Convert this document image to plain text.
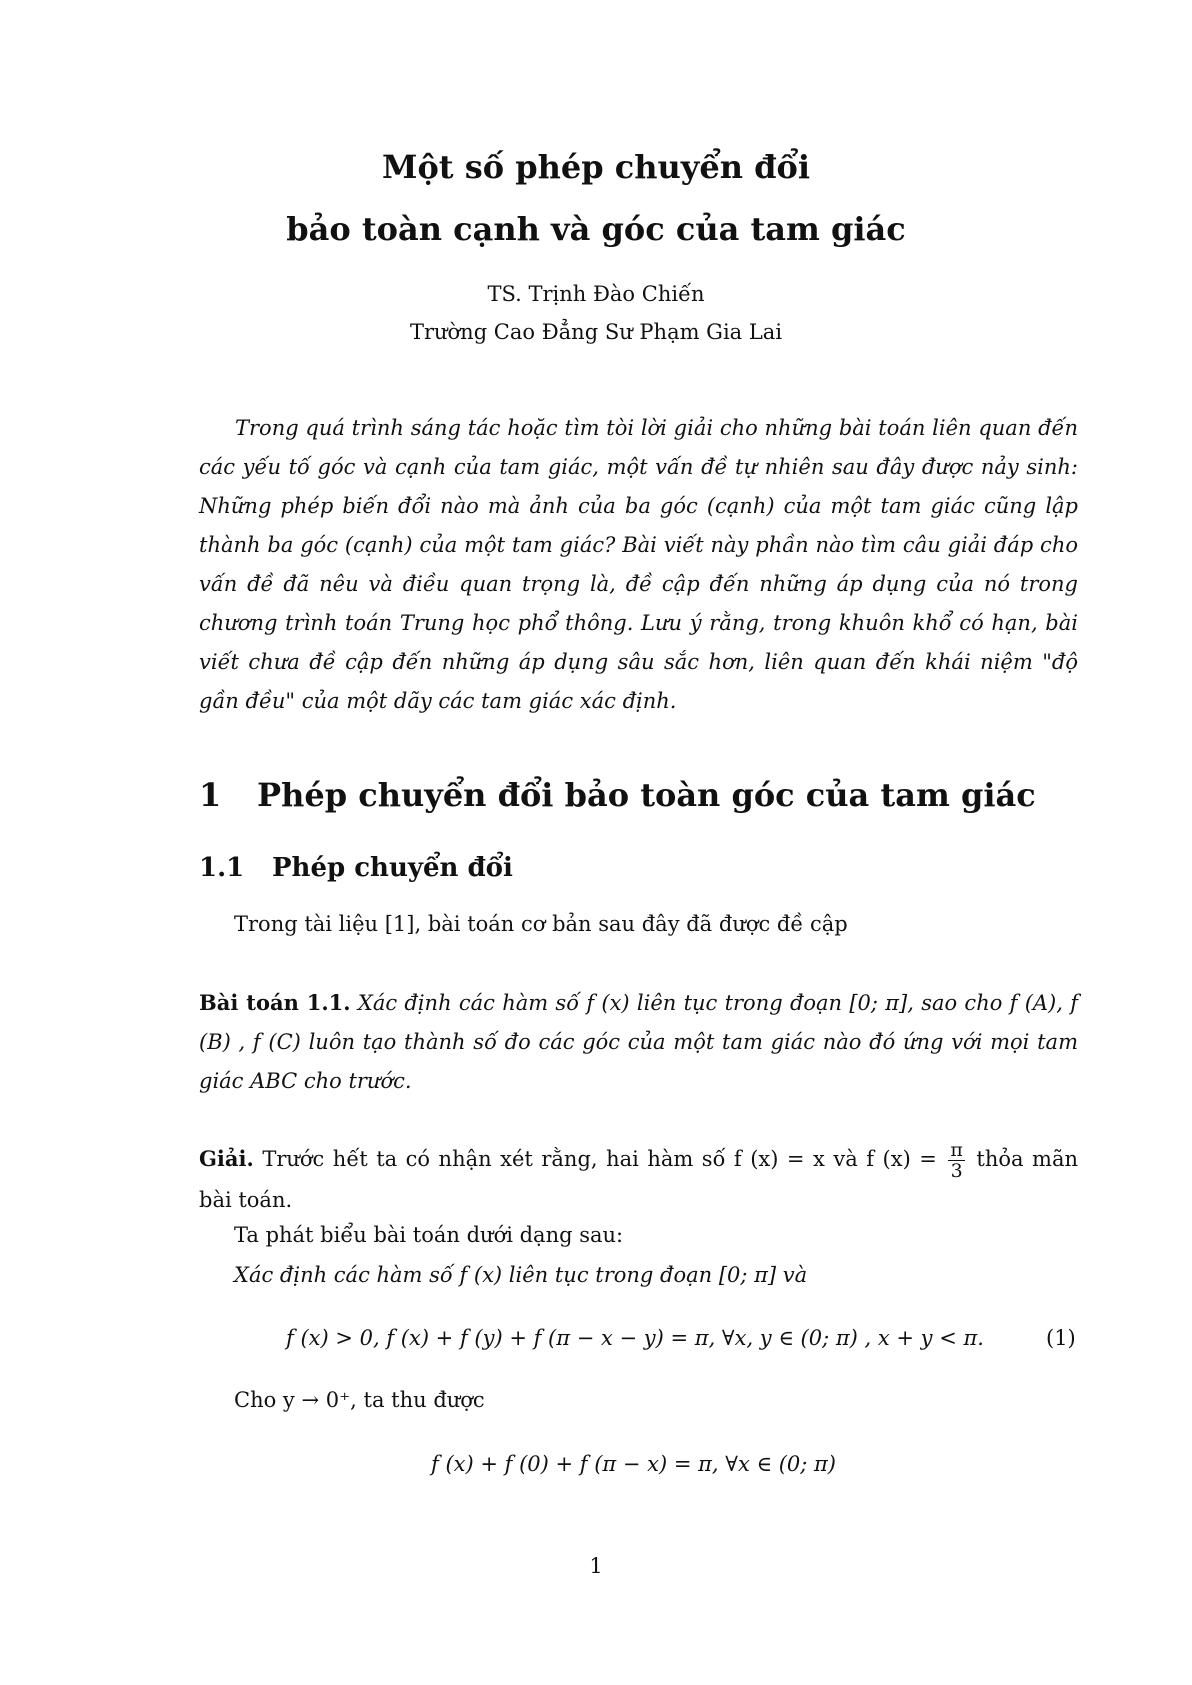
Một số phép chuyển đổi
bảo toàn cạnh và góc của tam giác
TS. Trịnh Đào Chiến
Trường Cao Đẳng Sư Phạm Gia Lai

Trong quá trình sáng tác hoặc tìm tòi lời giải cho những bài toán liên quan đến các yếu tố góc và cạnh của tam giác, một vấn đề tự nhiên sau đây được nảy sinh: Những phép biến đổi nào mà ảnh của ba góc (cạnh) của một tam giác cũng lập thành ba góc (cạnh) của một tam giác? Bài viết này phần nào tìm câu giải đáp cho vấn đề đã nêu và điều quan trọng là, đề cập đến những áp dụng của nó trong chương trình toán Trung học phổ thông. Lưu ý rằng, trong khuôn khổ có hạn, bài viết chưa đề cập đến những áp dụng sâu sắc hơn, liên quan đến khái niệm "độ gần đều" của một dãy các tam giác xác định.

1 Phép chuyển đổi bảo toàn góc của tam giác
1.1 Phép chuyển đổi
Trong tài liệu [1], bài toán cơ bản sau đây đã được đề cập

Bài toán 1.1. Xác định các hàm số f (x) liên tục trong đoạn [0; π], sao cho f (A), f (B) , f (C) luôn tạo thành số đo các góc của một tam giác nào đó ứng với mọi tam giác ABC cho trước.

Giải. Trước hết ta có nhận xét rằng, hai hàm số f (x) = x và f $(x) = \frac{\pi}{3}$ thỏa mãn bài toán.

Ta phát biểu bài toán dưới dạng sau:
Xác định các hàm số f (x) liên tục trong đoạn [0; π] và
f (x) > 0, f (x) + f (y) + f (π − x − y) = π, ∀x, y ∈ (0; π) , x + y < π.	(1)
Cho y → 0⁺, ta thu được
f (x) + f (0) + f (π − x) = π, ∀x ∈ (0; π)
1
